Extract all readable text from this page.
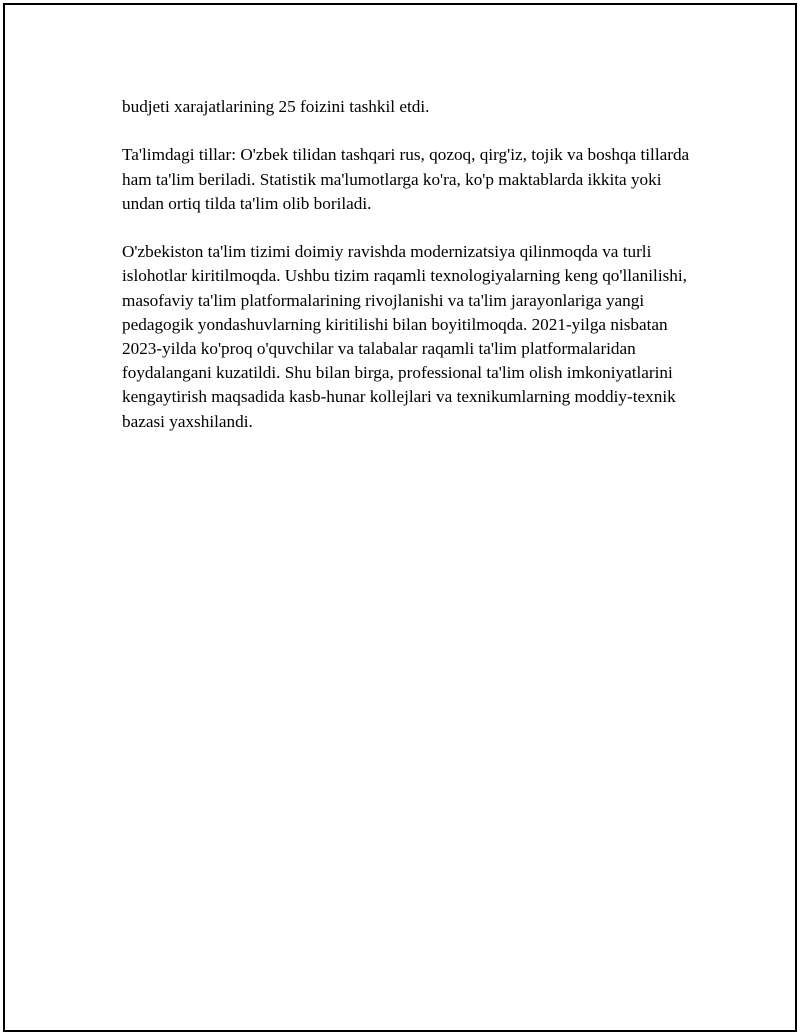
budjeti xarajatlarining 25 foizini tashkil etdi.

Ta'limdagi tillar: O'zbek tilidan tashqari rus, qozoq, qirg'iz, tojik va boshqa tillarda ham ta'lim beriladi. Statistik ma'lumotlarga ko'ra, ko'p maktablarda ikkita yoki undan ortiq tilda ta'lim olib boriladi.

O'zbekiston ta'lim tizimi doimiy ravishda modernizatsiya qilinmoqda va turli islohotlar kiritilmoqda. Ushbu tizim raqamli texnologiyalarning keng qo'llanilishi, masofaviy ta'lim platformalarining rivojlanishi va ta'lim jarayonlariga yangi pedagogik yondashuvlarning kiritilishi bilan boyitilmoqda. 2021-yilga nisbatan 2023-yilda ko'proq o'quvchilar va talabalar raqamli ta'lim platformalaridan foydalangani kuzatildi. Shu bilan birga, professional ta'lim olish imkoniyatlarini kengaytirish maqsadida kasb-hunar kollejlari va texnikumlarning moddiy-texnik bazasi yaxshilandi.
